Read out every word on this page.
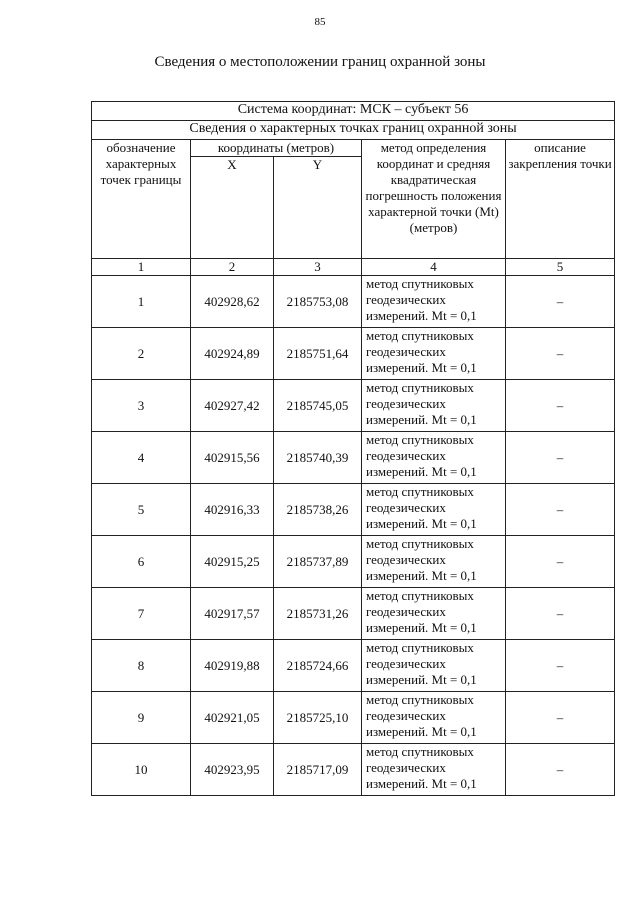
85
Сведения о местоположении границ охранной зоны
Система координат: МСК – субъект 56				
Сведения о характерных точках границ охранной зоны				
обозначение характерных точек границы	координаты (метров)		метод определения координат и средняя квадратическая погрешность положения характерной точки (Mt) (метров)	описание закрепления точки
	X	Y		
1	2	3	4	5
1	402928,62	2185753,08	метод спутниковых
геодезических
измерений. Mt = 0,1	–
2	402924,89	2185751,64	метод спутниковых
геодезических
измерений. Mt = 0,1	–
3	402927,42	2185745,05	метод спутниковых
геодезических
измерений. Mt = 0,1	–
4	402915,56	2185740,39	метод спутниковых
геодезических
измерений. Mt = 0,1	–
5	402916,33	2185738,26	метод спутниковых
геодезических
измерений. Mt = 0,1	–
6	402915,25	2185737,89	метод спутниковых
геодезических
измерений. Mt = 0,1	–
7	402917,57	2185731,26	метод спутниковых
геодезических
измерений. Mt = 0,1	–
8	402919,88	2185724,66	метод спутниковых
геодезических
измерений. Mt = 0,1	–
9	402921,05	2185725,10	метод спутниковых
геодезических
измерений. Mt = 0,1	–
10	402923,95	2185717,09	метод спутниковых
геодезических
измерений. Mt = 0,1	–
